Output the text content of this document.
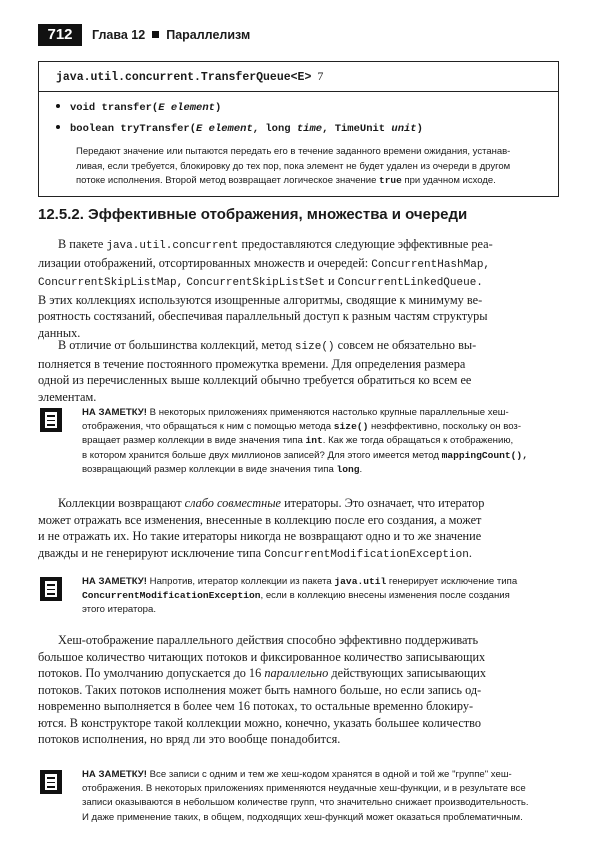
712	Глава 12 Параллелизм
java.util.concurrent.TransferQueue<E> 7
void transfer(E element)
boolean tryTransfer(E element, long time, TimeUnit unit)
Передают значение или пытаются передать его в течение заданного времени ожидания, устанав-
ливая, если требуется, блокировку до тех пор, пока элемент не будет удален из очереди в другом
потоке исполнения. Второй метод возвращает логическое значение true при удачном исходе.
12.5.2. Эффективные отображения, множества и очереди
В пакете java.util.concurrent предоставляются следующие эффективные реа-
лизации отображений, отсортированных множеств и очередей: ConcurrentHashMap,
ConcurrentSkipListMap, ConcurrentSkipListSet и ConcurrentLinkedQueue.
В этих коллекциях используются изощренные алгоритмы, сводящие к минимуму ве-
роятность состязаний, обеспечивая параллельный доступ к разным частям структуры
данных.
В отличие от большинства коллекций, метод size() совсем не обязательно вы-
полняется в течение постоянного промежутка времени. Для определения размера
одной из перечисленных выше коллекций обычно требуется обратиться ко всем ее
элементам.
НА ЗАМЕТКУ! В некоторых приложениях применяются настолько крупные параллельные хеш-
отображения, что обращаться к ним с помощью метода size() неэффективно, поскольку он воз-
вращает размер коллекции в виде значения типа int. Как же тогда обращаться к отображению,
в котором хранится больше двух миллионов записей? Для этого имеется метод mappingCount(),
возвращающий размер коллекции в виде значения типа long.
Коллекции возвращают слабо совместные итераторы. Это означает, что итератор
может отражать все изменения, внесенные в коллекцию после его создания, а может
и не отражать их. Но такие итераторы никогда не возвращают одно и то же значение
дважды и не генерируют исключение типа ConcurrentModificationException.
НА ЗАМЕТКУ! Напротив, итератор коллекции из пакета java.util генерирует исключение типа
ConcurrentModificationException, если в коллекцию внесены изменения после создания
этого итератора.
Хеш-отображение параллельного действия способно эффективно поддерживать
большое количество читающих потоков и фиксированное количество записывающих
потоков. По умолчанию допускается до 16 параллельно действующих записывающих
потоков. Таких потоков исполнения может быть намного больше, но если запись од-
новременно выполняется в более чем 16 потоках, то остальные временно блокиру-
ются. В конструкторе такой коллекции можно, конечно, указать большее количество
потоков исполнения, но вряд ли это вообще понадобится.
НА ЗАМЕТКУ! Все записи с одним и тем же хеш-кодом хранятся в одной и той же "группе" хеш-
отображения. В некоторых приложениях применяются неудачные хеш-функции, и в результате все
записи оказываются в небольшом количестве групп, что значительно снижает производительность.
И даже применение таких, в общем, подходящих хеш-функций может оказаться проблематичным.
